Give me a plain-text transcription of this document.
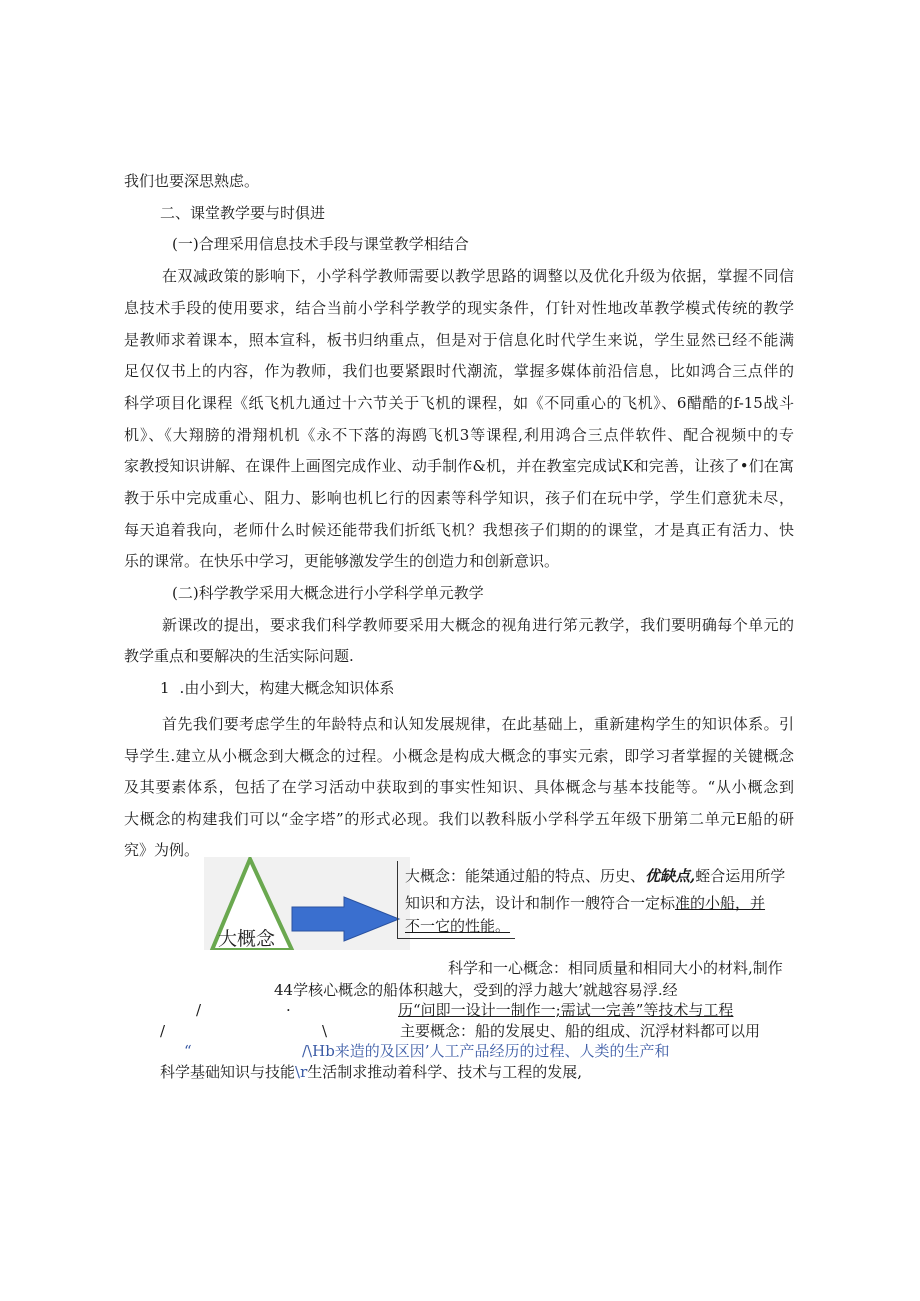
我们也要深思熟虑。
二、课堂教学要与时俱进
(一)合理采用信息技术手段与课堂教学相结合
在双减政策的影响下，小学科学教师需要以教学思路的调整以及优化升级为依据，掌握不同信
息技术手段的使用要求，结合当前小学科学教学的现实条件，仃针对性地改革教学模式传统的教学
是教师求着课本，照本宣科，板书归纳重点，但是对于信息化时代学生来说，学生显然已经不能满
足仅仅书上的内容，作为教师，我们也要紧跟时代潮流，掌握多媒体前沿信息，比如鸿合三点伴的
科学项目化课程《纸飞机九通过十六节关于飞机的课程，如《不同重心的飞机》、6醋酷的f-15战斗
机》、《大翔膀的滑翔机机《永不下落的海鸥飞机3等课程,利用鸿合三点伴软件、配合视频中的专
家教授知识讲解、在课件上画图完成作业、动手制作&机，并在教室完成试K和完善，让孩了•们在寓
教于乐中完成重心、阻力、影响也机匕行的因素等科学知识，孩子们在玩中学，学生们意犹未尽，
每天追着我向，老师什么时候还能带我们折纸飞机？我想孩子们期的的课堂，才是真正有活力、快
乐的课常。在快乐中学习，更能够激发学生的创造力和创新意识。
(二)科学教学采用大概念进行小学科学单元教学
新课改的提出，要求我们科学教师要采用大概念的视角进行笫元教学，我们要明确每个单元的
教学重点和要解决的生活实际问题.
1 .由小到大，构建大概念知识体系
首先我们要考虑学生的年龄特点和认知发展规律，在此基础上，重新建构学生的知识体系。引
导学生.建立从小概念到大概念的过程。小概念是构成大概念的事实元索，即学习者掌握的关键概念
及其要素体系，包括了在学习活动中获取到的事实性知识、具体概念与基本技能等。“从小概念到
大概念的构建我们可以“金字塔”的形式必现。我们以教科版小学科学五年级下册第二单元E船的研
究》为例。
大概念
大概念：能桀通过船的特点、历史、优缺点,蛭合运用所学
知识和方法，设计和制作一艘符合一定标准的小船，并
不一它的性能。
科学和一心概念：相同质量和相同大小的材料,制作
44学核心概念的船体积越大，受到的浮力越大’就越容易浮.经
/	·	历“问即一设计一制作一;需试一完善”等技术与工程
/	\	主要概念：船的发展史、船的组成、沉浮材料都可以用
“	/\Hb来造的及区因’人工产品经历的过程、人类的生产和
科学基础知识与技能\r生活制求推动着科学、技术与工程的发展,
